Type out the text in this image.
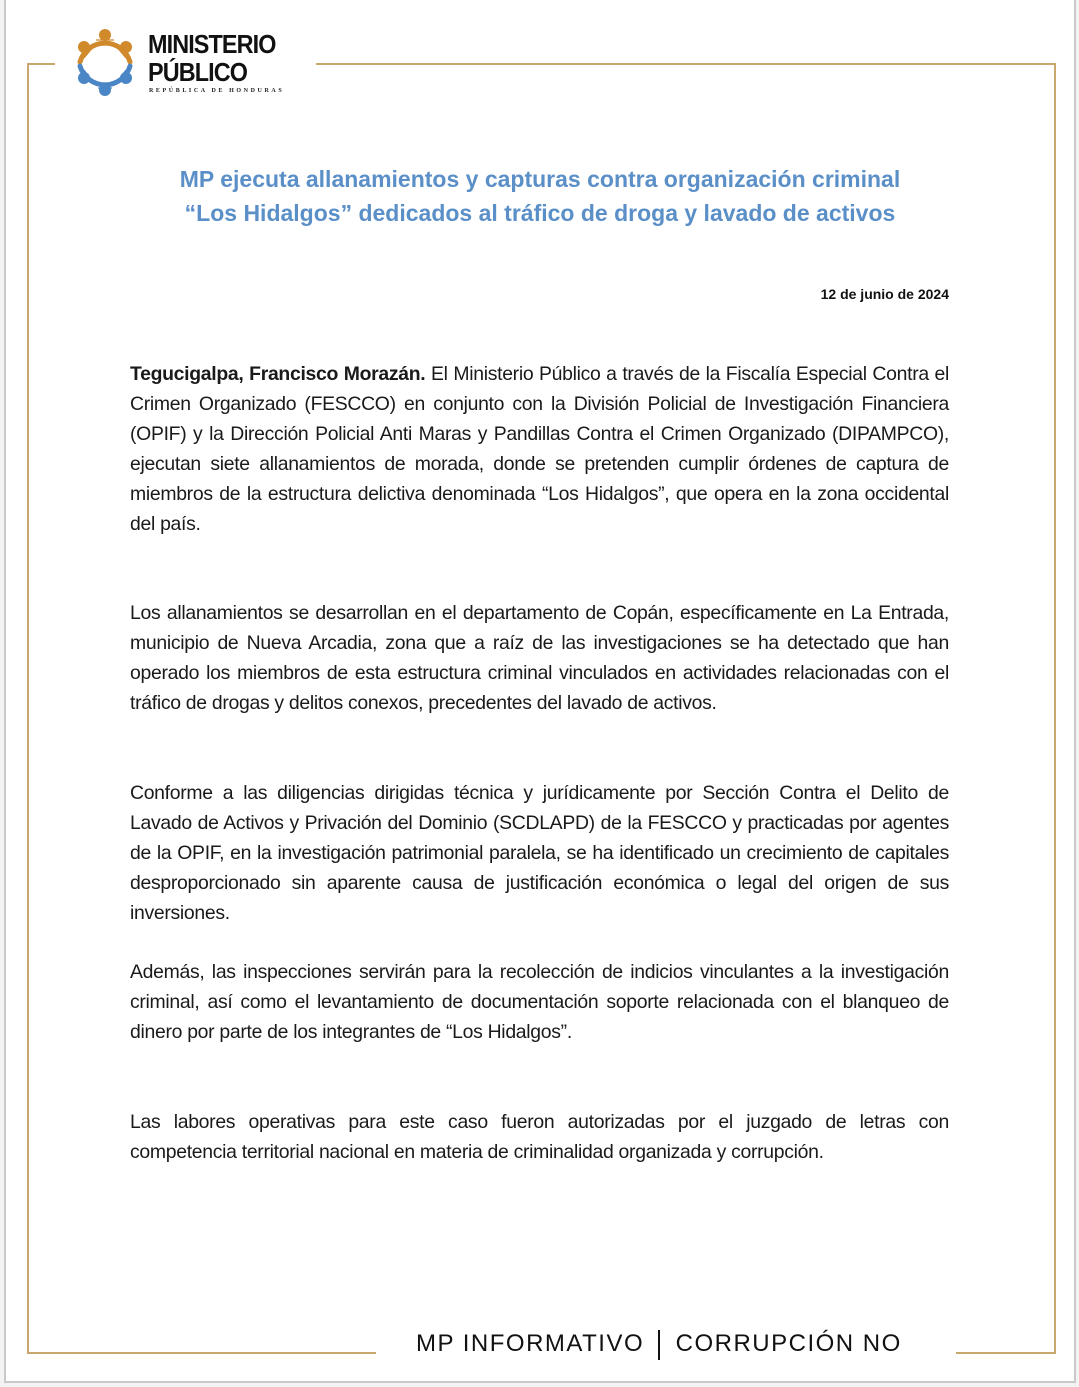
MINISTERIO
PÚBLICO
REPÚBLICA DE HONDURAS
MP ejecuta allanamientos y capturas contra organización criminal
“Los Hidalgos” dedicados al tráfico de droga y lavado de activos
12 de junio de 2024
Tegucigalpa, Francisco Morazán. El Ministerio Público a través de la Fiscalía Especial Contra el Crimen Organizado (FESCCO) en conjunto con la División Policial de Investigación Financiera (OPIF) y la Dirección Policial Anti Maras y Pandillas Contra el Crimen Organizado (DIPAMPCO), ejecutan siete allanamientos de morada, donde se pretenden cumplir órdenes de captura de miembros de la estructura delictiva denominada “Los Hidalgos”, que opera en la zona occidental del país.
Los allanamientos se desarrollan en el departamento de Copán, específicamente en La Entrada, municipio de Nueva Arcadia, zona que a raíz de las investigaciones se ha detectado que han operado los miembros de esta estructura criminal vinculados en actividades relacionadas con el tráfico de drogas y delitos conexos, precedentes del lavado de activos.
Conforme a las diligencias dirigidas técnica y jurídicamente por Sección Contra el Delito de Lavado de Activos y Privación del Dominio (SCDLAPD) de la FESCCO y practicadas por agentes de la OPIF, en la investigación patrimonial paralela, se ha identificado un crecimiento de capitales desproporcionado sin aparente causa de justificación económica o legal del origen de sus inversiones.
Además, las inspecciones servirán para la recolección de indicios vinculantes a la investigación criminal, así como el levantamiento de documentación soporte relacionada con el blanqueo de dinero por parte de los integrantes de “Los Hidalgos”.
Las labores operativas para este caso fueron autorizadas por el juzgado de letras con competencia territorial nacional en materia de criminalidad organizada y corrupción.
MP INFORMATIVO CORRUPCIÓN NO
